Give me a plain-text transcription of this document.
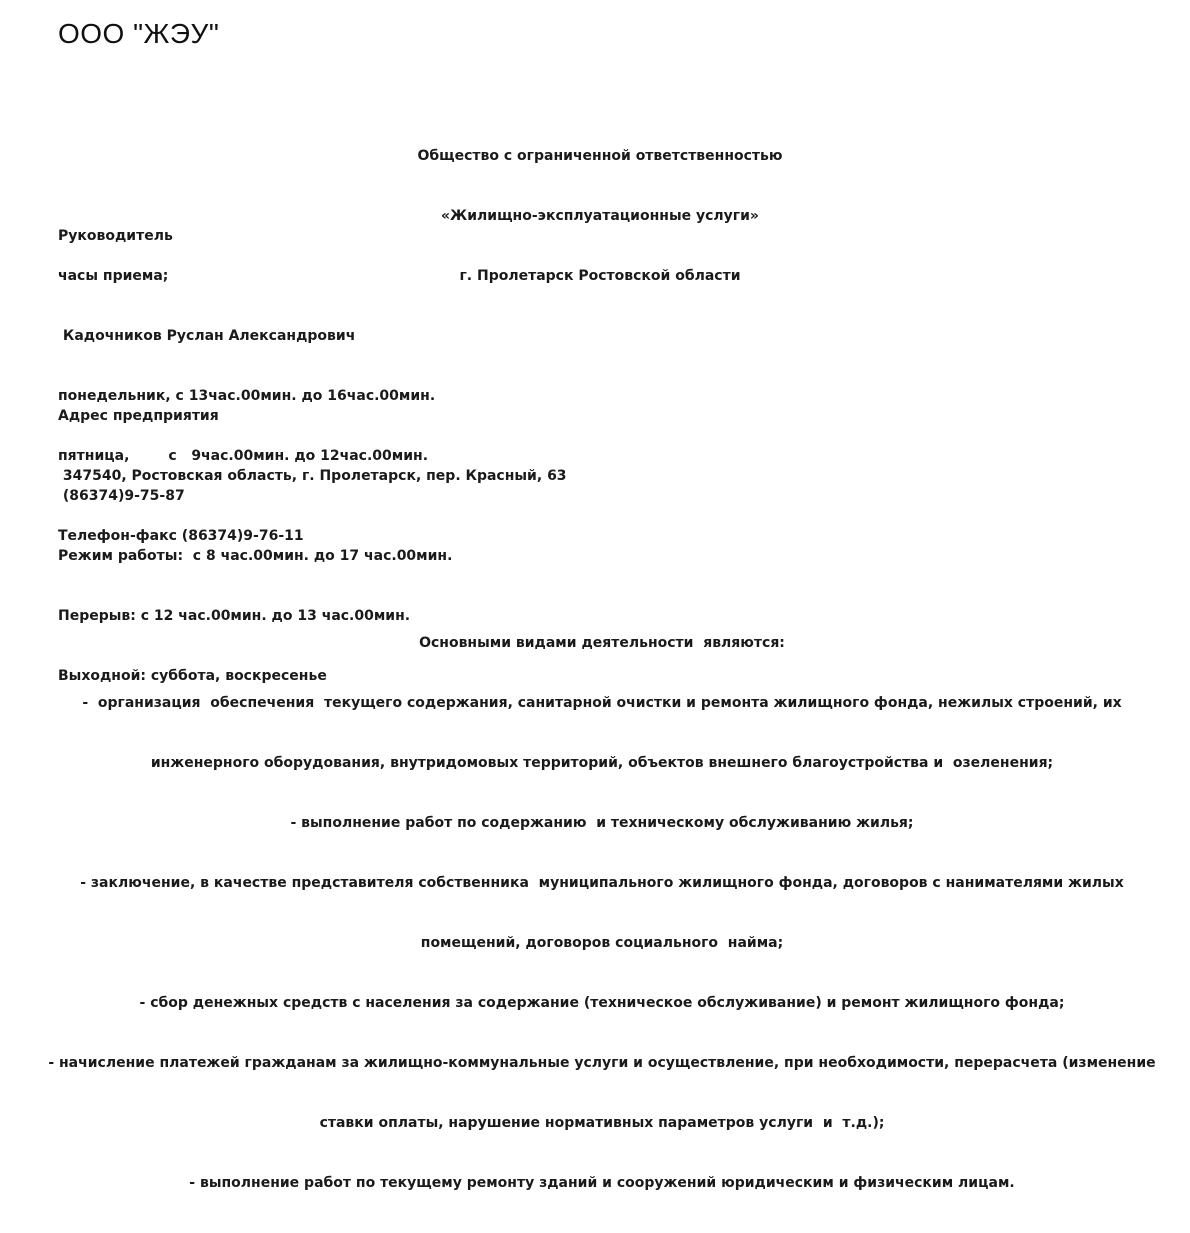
ООО "ЖЭУ"

Общество с ограниченной ответственностью

«Жилищно-эксплуатационные услуги»

г. Пролетарск Ростовской области

Руководитель

часы приема;

Кадочников Руслан Александрович

понедельник, с 13час.00мин. до 16час.00мин.

пятница,        с   9час.00мин. до 12час.00мин.

Адрес предприятия

347540, Ростовская область, г. Пролетарск, пер. Красный, 63

Телефон-факс (86374)9-76-11

(86374)9-75-87

Режим работы:  с 8 час.00мин. до 17 час.00мин.

Перерыв: с 12 час.00мин. до 13 час.00мин.

Выходной: суббота, воскресенье

Основными видами деятельности  являются:

-  организация  обеспечения  текущего содержания, санитарной очистки и ремонта жилищного фонда, нежилых строений, их

инженерного оборудования, внутридомовых территорий, объектов внешнего благоустройства и  озеленения;

- выполнение работ по содержанию  и техническому обслуживанию жилья;

- заключение, в качестве представителя собственника  муниципального жилищного фонда, договоров с нанимателями жилых

помещений, договоров социального  найма;

- сбор денежных средств с населения за содержание (техническое обслуживание) и ремонт жилищного фонда;

- начисление платежей гражданам за жилищно-коммунальные услуги и осуществление, при необходимости, перерасчета (изменение

ставки оплаты, нарушение нормативных параметров услуги  и  т.д.);

- выполнение работ по текущему ремонту зданий и сооружений юридическим и физическим лицам.
